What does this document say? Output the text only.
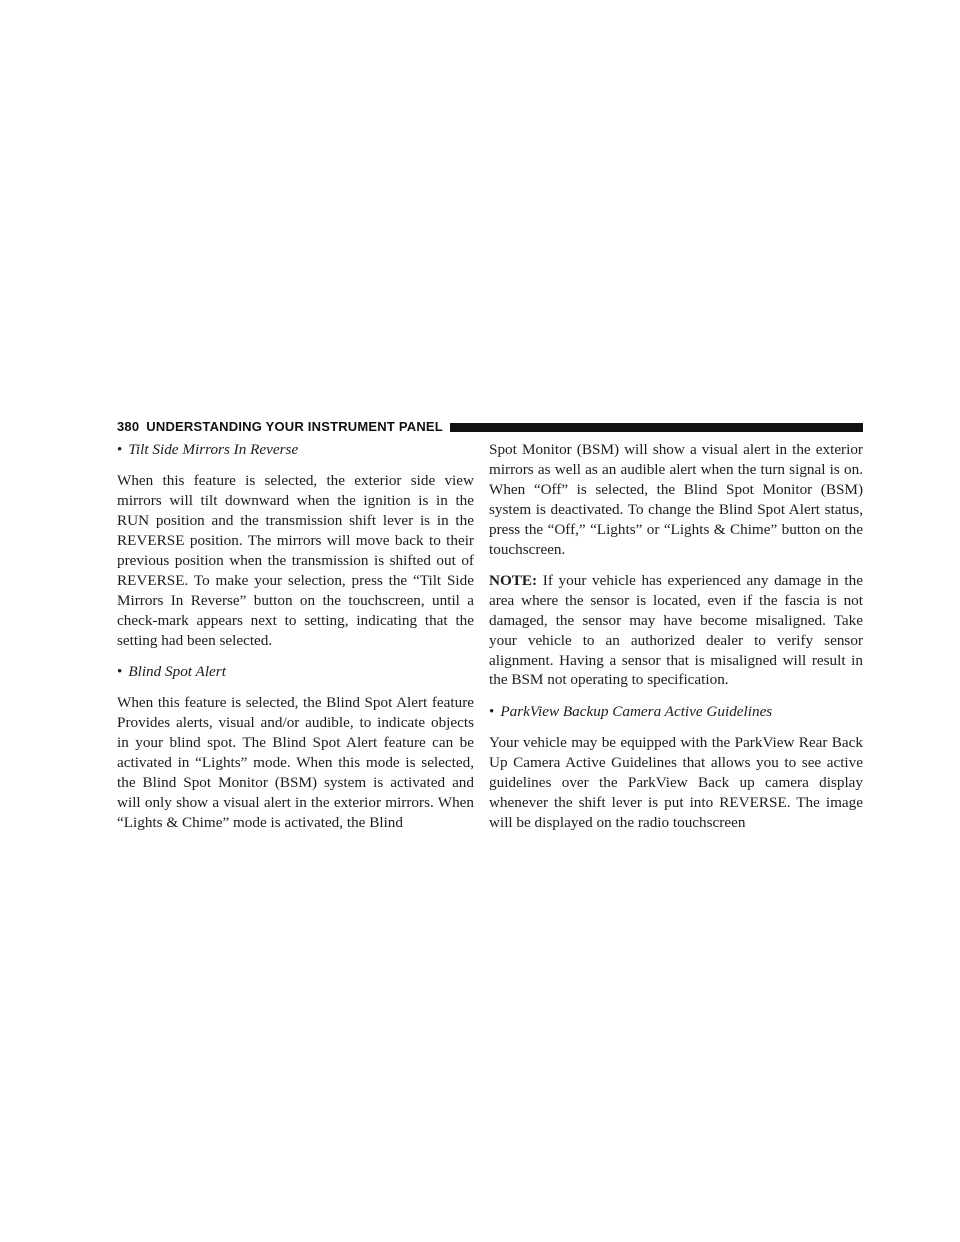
380 UNDERSTANDING YOUR INSTRUMENT PANEL

• Tilt Side Mirrors In Reverse

When this feature is selected, the exterior side view mirrors will tilt downward when the ignition is in the RUN position and the transmission shift lever is in the REVERSE position. The mirrors will move back to their previous position when the transmission is shifted out of REVERSE. To make your selection, press the “Tilt Side Mirrors In Reverse” button on the touchscreen, until a check-mark appears next to setting, indicating that the setting had been selected.

• Blind Spot Alert

When this feature is selected, the Blind Spot Alert feature Provides alerts, visual and/or audible, to indicate objects in your blind spot. The Blind Spot Alert feature can be activated in “Lights” mode. When this mode is selected, the Blind Spot Monitor (BSM) system is activated and will only show a visual alert in the exterior mirrors. When “Lights & Chime” mode is activated, the Blind

Spot Monitor (BSM) will show a visual alert in the exterior mirrors as well as an audible alert when the turn signal is on. When “Off” is selected, the Blind Spot Monitor (BSM) system is deactivated. To change the Blind Spot Alert status, press the “Off,” “Lights” or “Lights & Chime” button on the touchscreen.

NOTE: If your vehicle has experienced any damage in the area where the sensor is located, even if the fascia is not damaged, the sensor may have become misaligned. Take your vehicle to an authorized dealer to verify sensor alignment. Having a sensor that is misaligned will result in the BSM not operating to specification.

• ParkView Backup Camera Active Guidelines

Your vehicle may be equipped with the ParkView Rear Back Up Camera Active Guidelines that allows you to see active guidelines over the ParkView Back up camera display whenever the shift lever is put into REVERSE. The image will be displayed on the radio touchscreen
